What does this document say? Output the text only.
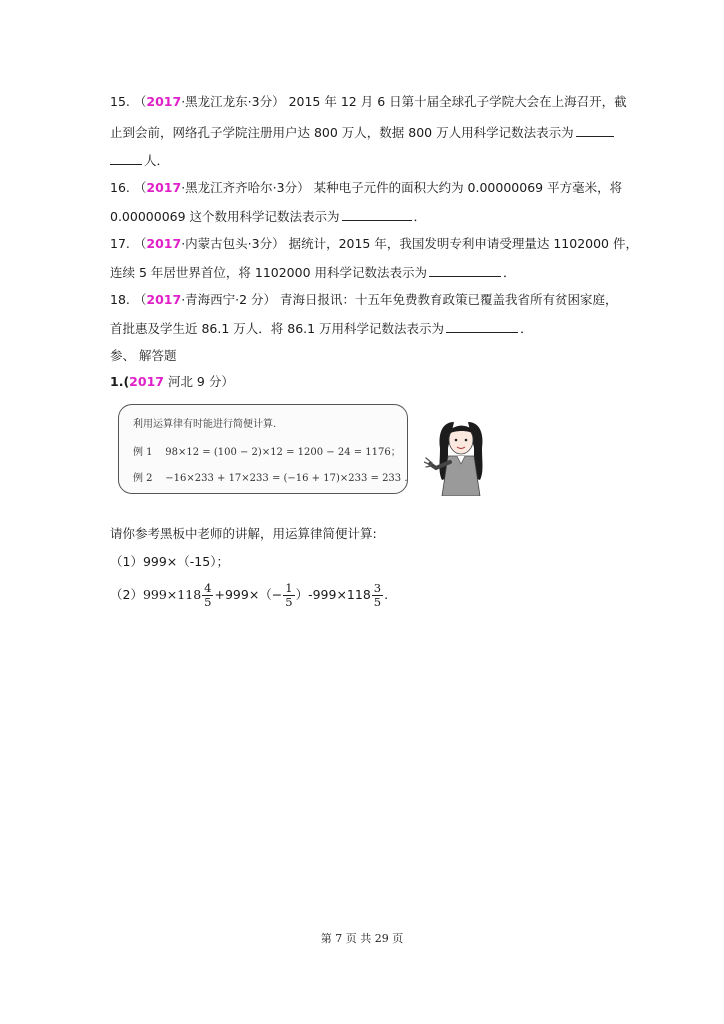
15. （2017·黑龙江龙东·3分） 2015 年 12 月 6 日第十届全球孔子学院大会在上海召开，截
止到会前，网络孔子学院注册用户达 800 万人，数据 800 万人用科学记数法表示为
人．
16. （2017·黑龙江齐齐哈尔·3分） 某种电子元件的面积大约为 0.00000069 平方毫米，将
0.00000069 这个数用科学记数法表示为	．
17. （2017·内蒙古包头·3分） 据统计，2015 年，我国发明专利申请受理量达 1102000 件，
连续 5 年居世界首位，将 1102000 用科学记数法表示为	．
18. （2017·青海西宁·2 分） 青海日报讯：十五年免费教育政策已覆盖我省所有贫困家庭，
首批惠及学生近 86.1 万人．将 86.1 万用科学记数法表示为	．
参、 解答题
1.(2017 河北 9 分）
利用运算律有时能进行简便计算.
例 1 98×12 = (100 − 2)×12 = 1200 − 24 = 1176；
例 2 −16×233 + 17×233 = (−16 + 17)×233 = 233 .
请你参考黑板中老师的讲解，用运算律简便计算:
（1）999×（-15）；
$(2)999\times 118 \frac{4}{5} +999\times(- \frac{1}{5} )-999\times 118 \frac{3}{5}$ .
第 7 页 共 29 页
